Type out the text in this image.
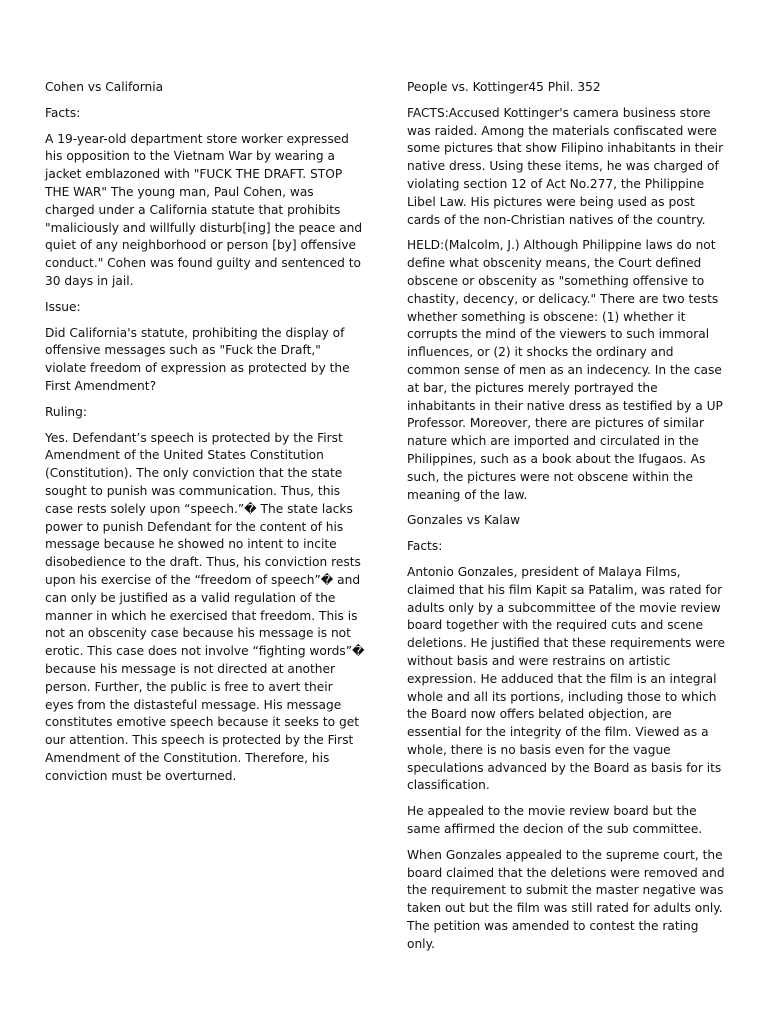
Cohen vs California

Facts:

A 19-year-old department store worker expressed his opposition to the Vietnam War by wearing a jacket emblazoned with "FUCK THE DRAFT. STOP THE WAR" The young man, Paul Cohen, was charged under a California statute that prohibits "maliciously and willfully disturb[ing] the peace and quiet of any neighborhood or person [by] offensive conduct." Cohen was found guilty and sentenced to 30 days in jail.

Issue:

Did California's statute, prohibiting the display of offensive messages such as "Fuck the Draft," violate freedom of expression as protected by the First Amendment?

Ruling:

Yes. Defendant’s speech is protected by the First Amendment of the United States Constitution (Constitution). The only conviction that the state sought to punish was communication. Thus, this case rests solely upon “speech.”� The state lacks power to punish Defendant for the content of his message because he showed no intent to incite disobedience to the draft. Thus, his conviction rests upon his exercise of the “freedom of speech”� and can only be justified as a valid regulation of the manner in which he exercised that freedom. This is not an obscenity case because his message is not erotic. This case does not involve “fighting words”� because his message is not directed at another person. Further, the public is free to avert their eyes from the distasteful message. His message constitutes emotive speech because it seeks to get our attention. This speech is protected by the First Amendment of the Constitution. Therefore, his conviction must be overturned.

People vs. Kottinger45 Phil. 352

FACTS:Accused Kottinger's camera business store was raided. Among the materials confiscated were some pictures that show Filipino inhabitants in their native dress. Using these items, he was charged of violating section 12 of Act No.277, the Philippine Libel Law. His pictures were being used as post cards of the non-Christian natives of the country.

HELD:(Malcolm, J.) Although Philippine laws do not define what obscenity means, the Court defined obscene or obscenity as "something offensive to chastity, decency, or delicacy." There are two tests whether something is obscene: (1) whether it corrupts the mind of the viewers to such immoral influences, or (2) it shocks the ordinary and common sense of men as an indecency. In the case at bar, the pictures merely portrayed the inhabitants in their native dress as testified by a UP Professor. Moreover, there are pictures of similar nature which are imported and circulated in the Philippines, such as a book about the Ifugaos. As such, the pictures were not obscene within the meaning of the law.

Gonzales vs Kalaw

Facts:

Antonio Gonzales, president of Malaya Films, claimed that his film Kapit sa Patalim, was rated for adults only by a subcommittee of the movie review board together with the required cuts and scene deletions. He justified that these requirements were without basis and were restrains on artistic expression. He adduced that the film is an integral whole and all its portions, including those to which the Board now offers belated objection, are essential for the integrity of the film. Viewed as a whole, there is no basis even for the vague speculations advanced by the Board as basis for its classification.

He appealed to the movie review board but the same affirmed the decion of the sub committee.

When Gonzales appealed to the supreme court, the board claimed that the deletions were removed and the requirement to submit the master negative was taken out but the film was still rated for adults only. The petition was amended to contest the rating only.
